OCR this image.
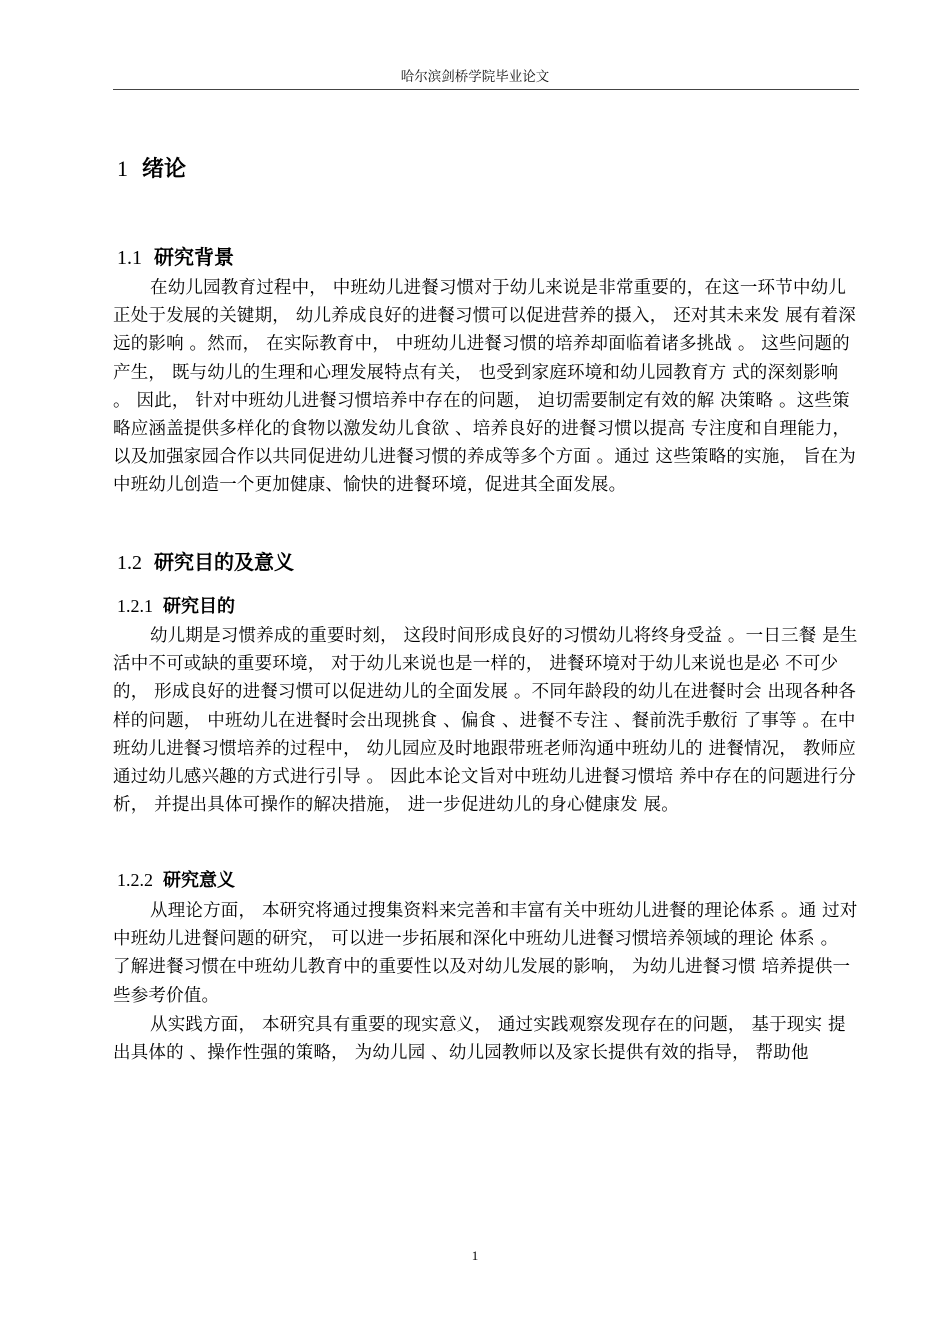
哈尔滨剑桥学院毕业论文
1 绪论
1.1 研究背景

在幼儿园教育过程中， 中班幼儿进餐习惯对于幼儿来说是非常重要的，在这一环节中幼儿正处于发展的关键期， 幼儿养成良好的进餐习惯可以促进营养的摄入， 还对其未来发 展有着深远的影响 。然而， 在实际教育中， 中班幼儿进餐习惯的培养却面临着诸多挑战 。 这些问题的产生， 既与幼儿的生理和心理发展特点有关， 也受到家庭环境和幼儿园教育方 式的深刻影响 。 因此， 针对中班幼儿进餐习惯培养中存在的问题， 迫切需要制定有效的解 决策略 。这些策略应涵盖提供多样化的食物以激发幼儿食欲 、培养良好的进餐习惯以提高 专注度和自理能力， 以及加强家园合作以共同促进幼儿进餐习惯的养成等多个方面 。通过 这些策略的实施， 旨在为中班幼儿创造一个更加健康、愉快的进餐环境，促进其全面发展。

1.2 研究目的及意义
1.2.1 研究目的

幼儿期是习惯养成的重要时刻， 这段时间形成良好的习惯幼儿将终身受益 。一日三餐 是生活中不可或缺的重要环境， 对于幼儿来说也是一样的， 进餐环境对于幼儿来说也是必 不可少的， 形成良好的进餐习惯可以促进幼儿的全面发展 。不同年龄段的幼儿在进餐时会 出现各种各样的问题， 中班幼儿在进餐时会出现挑食 、偏食 、进餐不专注 、餐前洗手敷衍 了事等 。在中班幼儿进餐习惯培养的过程中， 幼儿园应及时地跟带班老师沟通中班幼儿的 进餐情况， 教师应通过幼儿感兴趣的方式进行引导 。 因此本论文旨对中班幼儿进餐习惯培 养中存在的问题进行分析， 并提出具体可操作的解决措施， 进一步促进幼儿的身心健康发 展。

1.2.2 研究意义

从理论方面， 本研究将通过搜集资料来完善和丰富有关中班幼儿进餐的理论体系 。通 过对中班幼儿进餐问题的研究， 可以进一步拓展和深化中班幼儿进餐习惯培养领域的理论 体系 。 了解进餐习惯在中班幼儿教育中的重要性以及对幼儿发展的影响， 为幼儿进餐习惯 培养提供一些参考价值。

从实践方面， 本研究具有重要的现实意义， 通过实践观察发现存在的问题， 基于现实 提出具体的 、操作性强的策略， 为幼儿园 、幼儿园教师以及家长提供有效的指导， 帮助他

1
